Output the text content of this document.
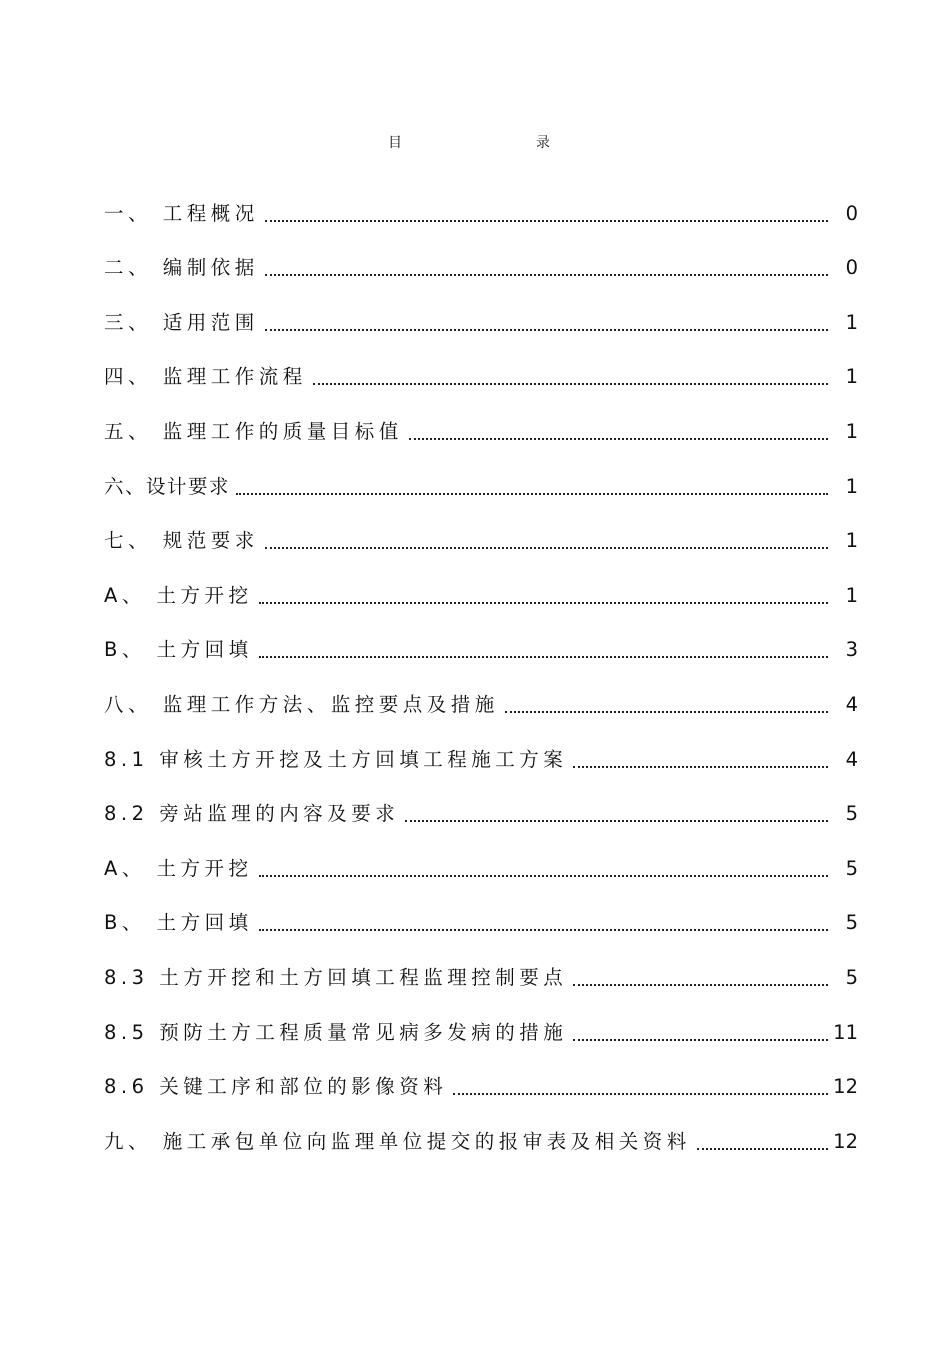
目　录
一、 工程概况	0
二、 编制依据	0
三、 适用范围	1
四、 监理工作流程	1
五、 监理工作的质量目标值	1
六、设计要求	1
七、 规范要求	1
A、 土方开挖	1
B、 土方回填	3
八、 监理工作方法、监控要点及措施	4
8.1 审核土方开挖及土方回填工程施工方案	4
8.2 旁站监理的内容及要求	5
A、 土方开挖	5
B、 土方回填	5
8.3 土方开挖和土方回填工程监理控制要点	5
8.5 预防土方工程质量常见病多发病的措施	11
8.6 关键工序和部位的影像资料	12
九、 施工承包单位向监理单位提交的报审表及相关资料	12
